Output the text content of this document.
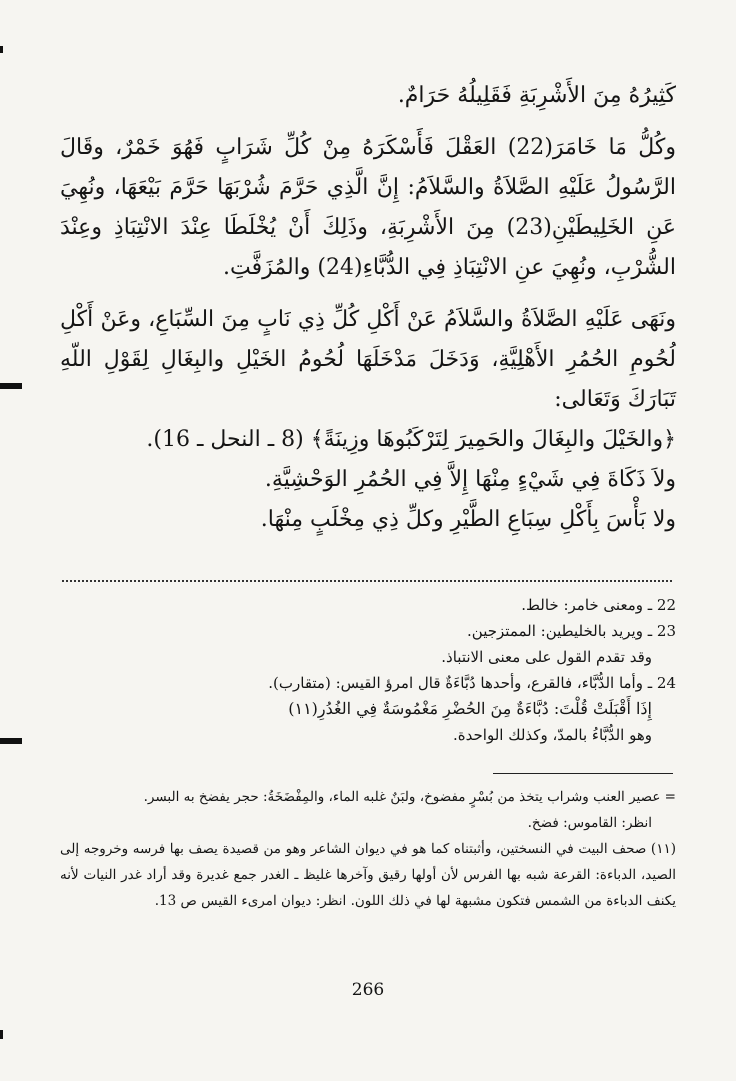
كَثِيرُهُ مِنَ الأَشْرِبَةِ فَقَلِيلُهُ حَرَامٌ.

وكُلُّ مَا خَامَرَ(22) العَقْلَ فَأَسْكَرَهُ مِنْ كُلِّ شَرَابٍ فَهُوَ خَمْرٌ، وقَالَ الرَّسُولُ عَلَيْهِ الصَّلاَةُ والسَّلاَمُ: إِنَّ الَّذِي حَرَّمَ شُرْبَهَا حَرَّمَ بَيْعَهَا، ونُهِيَ عَنِ الخَلِيطَيْنِ(23) مِنَ الأَشْرِبَةِ، وذَلِكَ أَنْ يُخْلَطَا عِنْدَ الانْتِبَاذِ وعِنْدَ الشُّرْبِ، ونُهِيَ عنِ الانْتِبَاذِ فِي الدُّبَّاءِ(24) والمُزَفَّتِ.

ونَهَى عَلَيْهِ الصَّلاَةُ والسَّلاَمُ عَنْ أَكْلِ كُلِّ ذِي نَابٍ مِنَ السِّبَاعِ، وعَنْ أَكْلِ لُحُومِ الحُمُرِ الأَهْلِيَّةِ، وَدَخَلَ مَدْخَلَهَا لُحُومُ الخَيْلِ والبِغَالِ لِقَوْلِ اللّهِ تَبَارَكَ وَتَعَالى:

﴿والخَيْلَ والبِغَالَ والحَمِيرَ لِتَرْكَبُوهَا وزِينَةً﴾ (8 ـ النحل ـ 16).

ولاَ ذَكَاةَ فِي شَيْءٍ مِنْهَا إِلاَّ فِي الحُمُرِ الوَحْشِيَّةِ.

ولا بَأْسَ بِأَكْلِ سِبَاعِ الطَّيْرِ وكلِّ ذِي مِخْلَبٍ مِنْهَا.

22 ـ ومعنى خامر: خالط.

23 ـ ويريد بالخليطين: الممتزجين.

وقد تقدم القول على معنى الانتباذ.

24 ـ وأما الدُّبَّاء، فالقرع، وأحدها دُبَّاءَةٌ قال امرؤ القيس: (متقارب).

إِذَا أَقْبَلَتْ قُلْتَ: دُبَّاءَةٌ مِنَ الحُضْرِ مَغْمُوسَةٌ فِي الغُدُرِ(١١)

وهو الدُّبَّاءُ بالمدّ، وكذلك الواحدة.

= عصير العنب وشراب يتخذ من بُسْرٍ مفضوخ، ولبَنٌ غلبه الماء، والمِفْضَخَةُ: حجر يفضخ به البسر.

انظر: القاموس: فضخ.

(١١) صحف البيت في النسختين، وأثبتناه كما هو في ديوان الشاعر وهو من قصيدة يصف بها فرسه وخروجه إلى الصيد، الدباءة: القرعة شبه بها الفرس لأن أولها رقيق وآخرها غليظ ـ الغدر جمع غديرة وقد أراد غدر النيات لأنه يكنف الدباءة من الشمس فتكون مشبهة لها في ذلك اللون. انظر: ديوان امرىء القيس ص 13.

266
